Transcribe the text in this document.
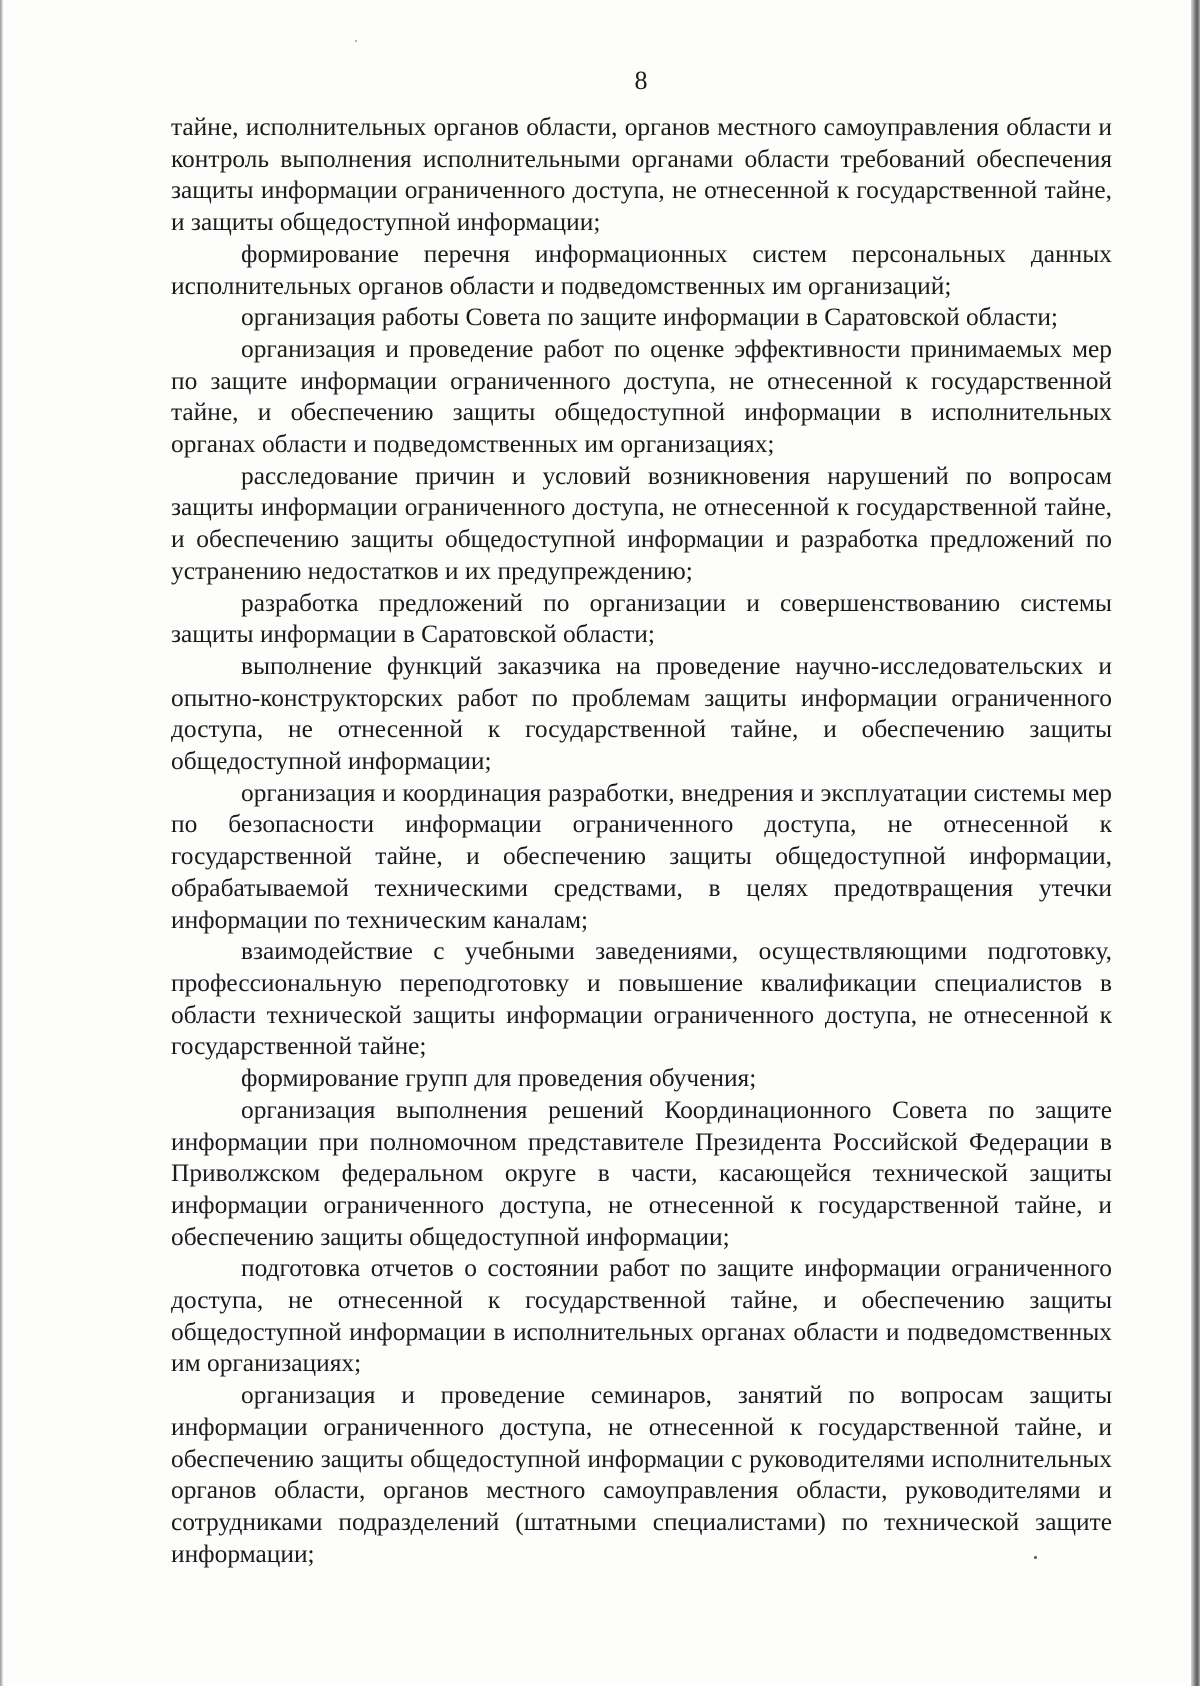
8

тайне, исполнительных органов области, органов местного самоуправления области и контроль выполнения исполнительными органами области требований обеспечения защиты информации ограниченного доступа, не отнесенной к государственной тайне, и защиты общедоступной информации;

формирование перечня информационных систем персональных данных исполнительных органов области и подведомственных им организаций;

организация работы Совета по защите информации в Саратовской области;

организация и проведение работ по оценке эффективности принимаемых мер по защите информации ограниченного доступа, не отнесенной к государственной тайне, и обеспечению защиты общедоступной информации в исполнительных органах области и подведомственных им организациях;

расследование причин и условий возникновения нарушений по вопросам защиты информации ограниченного доступа, не отнесенной к государственной тайне, и обеспечению защиты общедоступной информации и разработка предложений по устранению недостатков и их предупреждению;

разработка предложений по организации и совершенствованию системы защиты информации в Саратовской области;

выполнение функций заказчика на проведение научно-исследовательских и опытно-конструкторских работ по проблемам защиты информации ограниченного доступа, не отнесенной к государственной тайне, и обеспечению защиты общедоступной информации;

организация и координация разработки, внедрения и эксплуатации системы мер по безопасности информации ограниченного доступа, не отнесенной к государственной тайне, и обеспечению защиты общедоступной информации, обрабатываемой техническими средствами, в целях предотвращения утечки информации по техническим каналам;

взаимодействие с учебными заведениями, осуществляющими подготовку, профессиональную переподготовку и повышение квалификации специалистов в области технической защиты информации ограниченного доступа, не отнесенной к государственной тайне;

формирование групп для проведения обучения;

организация выполнения решений Координационного Совета по защите информации при полномочном представителе Президента Российской Федерации в Приволжском федеральном округе в части, касающейся технической защиты информации ограниченного доступа, не отнесенной к государственной тайне, и обеспечению защиты общедоступной информации;

подготовка отчетов о состоянии работ по защите информации ограниченного доступа, не отнесенной к государственной тайне, и обеспечению защиты общедоступной информации в исполнительных органах области и подведомственных им организациях;

организация и проведение семинаров, занятий по вопросам защиты информации ограниченного доступа, не отнесенной к государственной тайне, и обеспечению защиты общедоступной информации с руководителями исполнительных органов области, органов местного самоуправления области, руководителями и сотрудниками подразделений (штатными специалистами) по технической защите информации;
